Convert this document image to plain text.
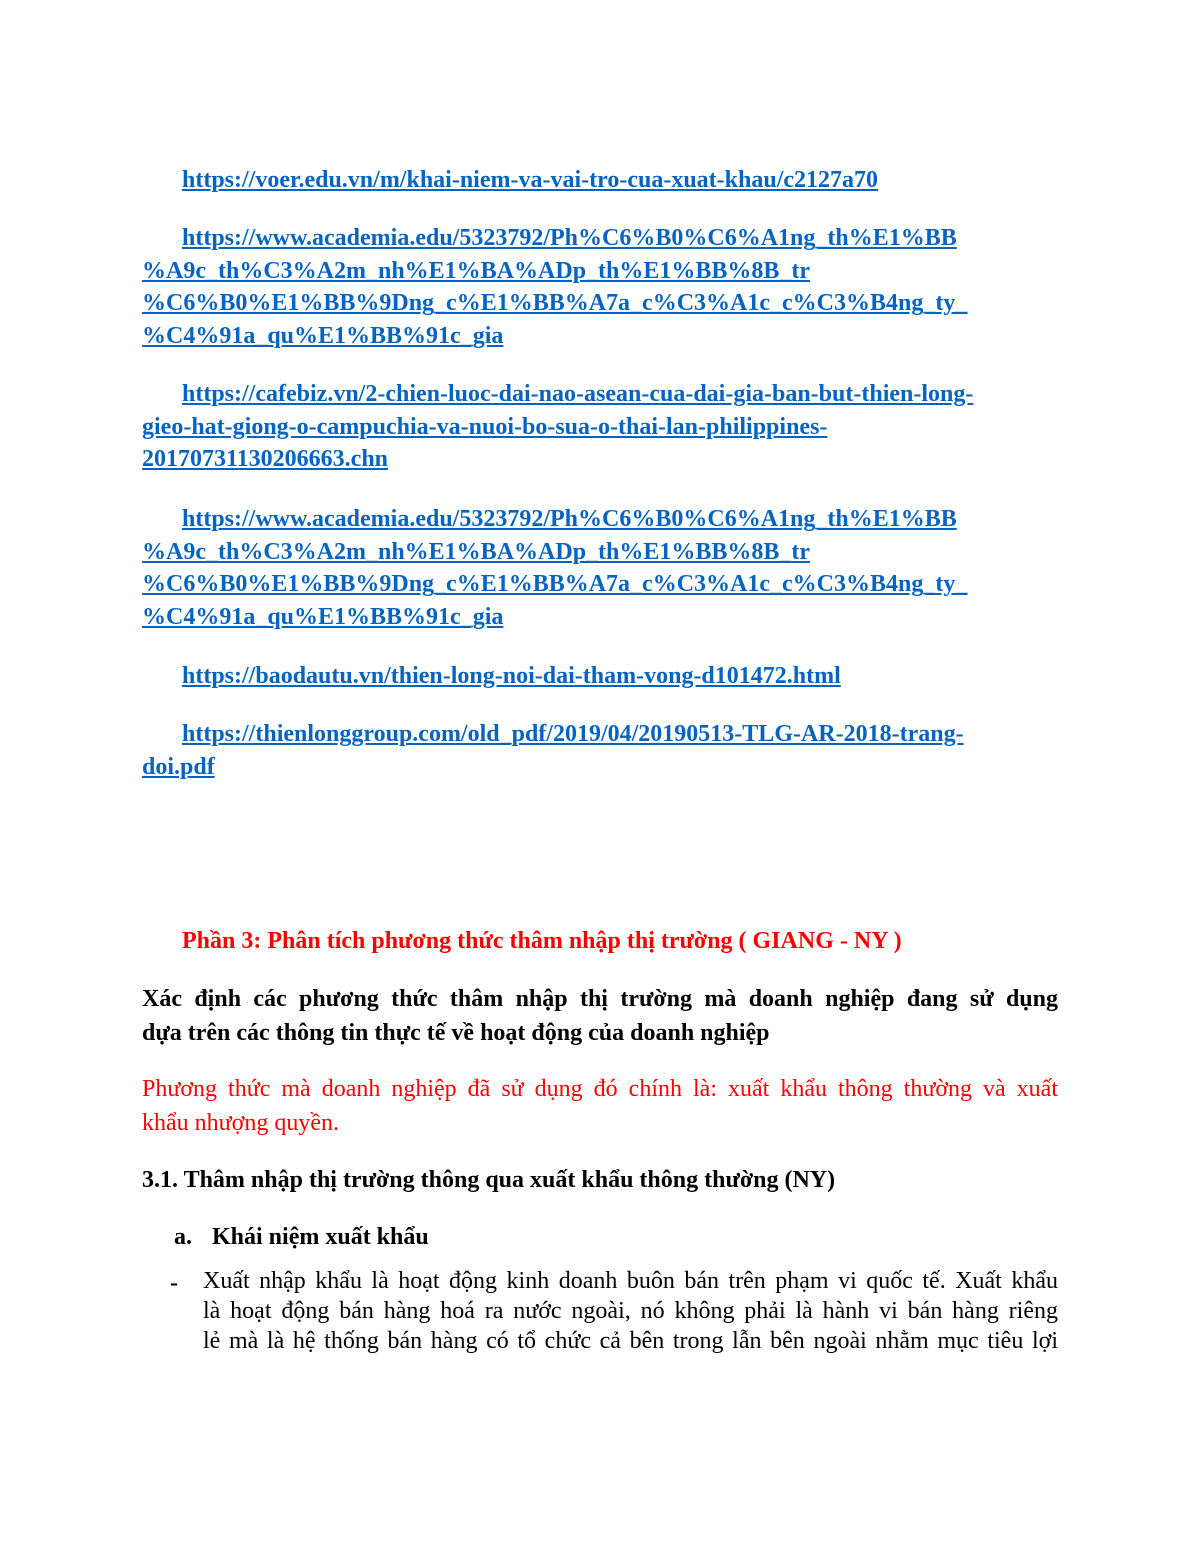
https://voer.edu.vn/m/khai-niem-va-vai-tro-cua-xuat-khau/c2127a70
https://www.academia.edu/5323792/Ph%C6%B0%C6%A1ng_th%E1%BB
%A9c_th%C3%A2m_nh%E1%BA%ADp_th%E1%BB%8B_tr
%C6%B0%E1%BB%9Dng_c%E1%BB%A7a_c%C3%A1c_c%C3%B4ng_ty_
%C4%91a_qu%E1%BB%91c_gia
https://cafebiz.vn/2-chien-luoc-dai-nao-asean-cua-dai-gia-ban-but-thien-long-
gieo-hat-giong-o-campuchia-va-nuoi-bo-sua-o-thai-lan-philippines-
20170731130206663.chn
https://www.academia.edu/5323792/Ph%C6%B0%C6%A1ng_th%E1%BB
%A9c_th%C3%A2m_nh%E1%BA%ADp_th%E1%BB%8B_tr
%C6%B0%E1%BB%9Dng_c%E1%BB%A7a_c%C3%A1c_c%C3%B4ng_ty_
%C4%91a_qu%E1%BB%91c_gia
https://baodautu.vn/thien-long-noi-dai-tham-vong-d101472.html
https://thienlonggroup.com/old_pdf/2019/04/20190513-TLG-AR-2018-trang-
doi.pdf
Phần 3: Phân tích phương thức thâm nhập thị trường ( GIANG - NY )
Xác định các phương thức thâm nhập thị trường mà doanh nghiệp đang sử dụng
dựa trên các thông tin thực tế về hoạt động của doanh nghiệp
Phương thức mà doanh nghiệp đã sử dụng đó chính là: xuất khẩu thông thường và xuất
khẩu nhượng quyền.
3.1. Thâm nhập thị trường thông qua xuất khẩu thông thường (NY)
a. Khái niệm xuất khẩu
-	Xuất nhập khẩu là hoạt động kinh doanh buôn bán trên phạm vi quốc tế. Xuất khẩu
là hoạt động bán hàng hoá ra nước ngoài, nó không phải là hành vi bán hàng riêng
lẻ mà là hệ thống bán hàng có tổ chức cả bên trong lẫn bên ngoài nhằm mục tiêu lợi
